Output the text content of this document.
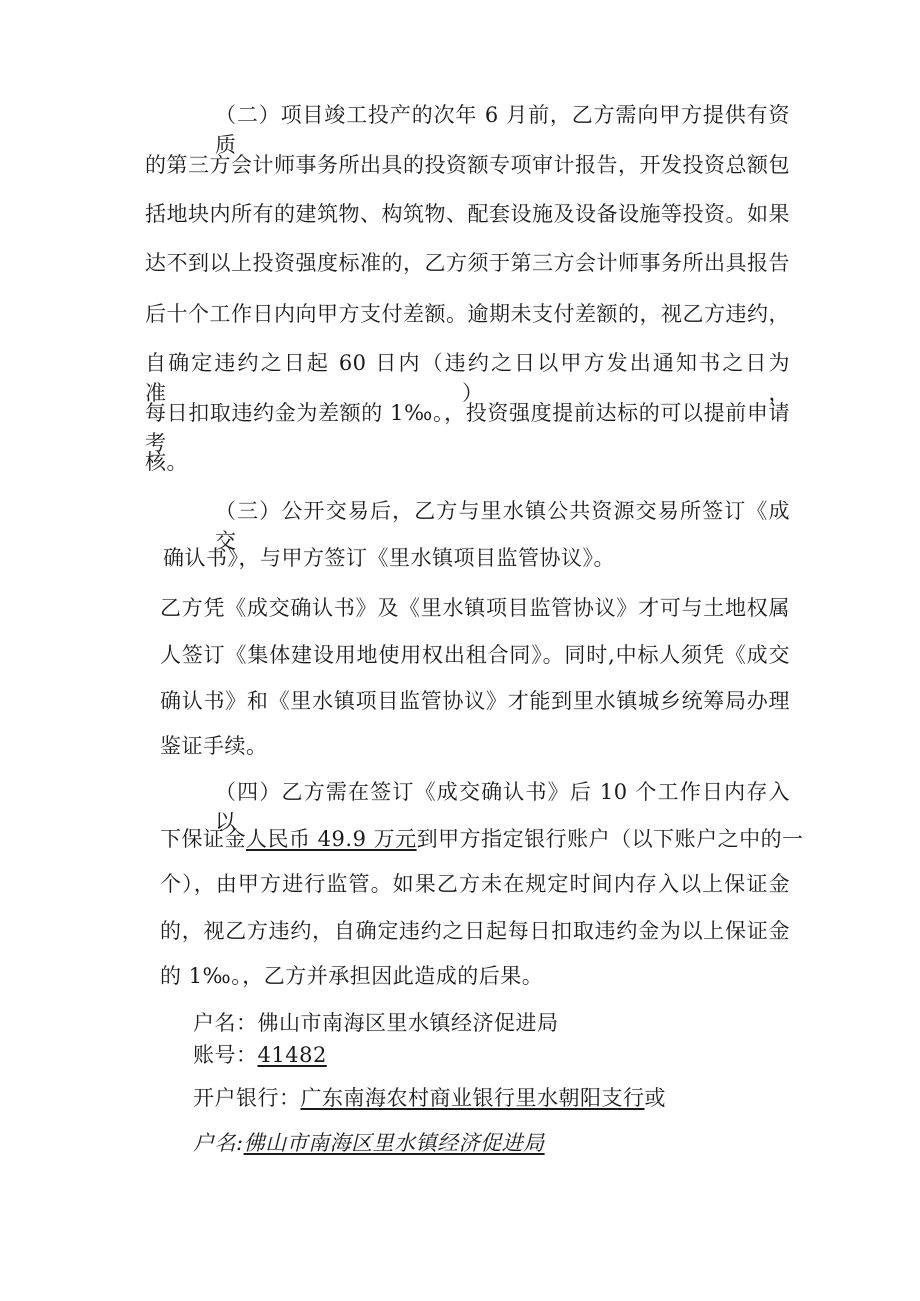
（二）项目竣工投产的次年 6 月前，乙方需向甲方提供有资质
的第三方会计师事务所出具的投资额专项审计报告，开发投资总额包
括地块内所有的建筑物、构筑物、配套设施及设备设施等投资。如果
达不到以上投资强度标准的，乙方须于第三方会计师事务所出具报告
后十个工作日内向甲方支付差额。逾期未支付差额的，视乙方违约，
自确定违约之日起 60 日内（违约之日以甲方发出通知书之日为准），
每日扣取违约金为差额的 1‰。，投资强度提前达标的可以提前申请考
核。
（三）公开交易后，乙方与里水镇公共资源交易所签订《成交
确认书》，与甲方签订《里水镇项目监管协议》。
乙方凭《成交确认书》及《里水镇项目监管协议》才可与土地权属
人签订《集体建设用地使用权出租合同》。同时,中标人须凭《成交
确认书》和《里水镇项目监管协议》才能到里水镇城乡统筹局办理
鉴证手续。
（四）乙方需在签订《成交确认书》后 10 个工作日内存入以
下保证金人民币 49.9 万元到甲方指定银行账户（以下账户之中的一
个），由甲方进行监管。如果乙方未在规定时间内存入以上保证金
的，视乙方违约，自确定违约之日起每日扣取违约金为以上保证金
的 1‰。，乙方并承担因此造成的后果。
户名：佛山市南海区里水镇经济促进局
账号：41482
开户银行：广东南海农村商业银行里水朝阳支行或
户名:佛山市南海区里水镇经济促进局
